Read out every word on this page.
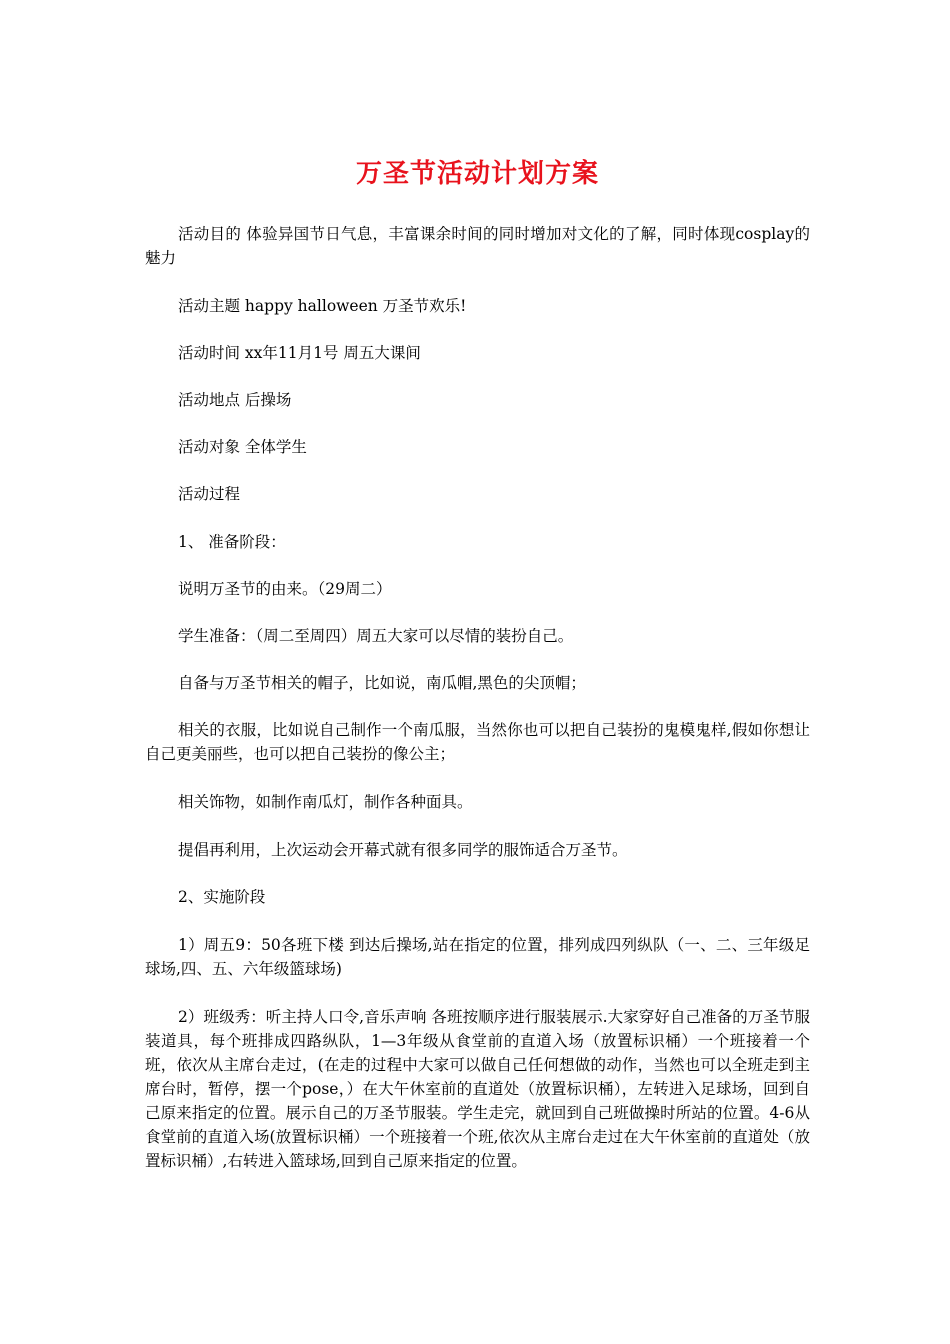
万圣节活动计划方案
活动目的 体验异国节日气息，丰富课余时间的同时增加对文化的了解，同时体现cosplay的魅力
活动主题 happy halloween 万圣节欢乐!
活动时间 xx年11月1号 周五大课间
活动地点 后操场
活动对象 全体学生
活动过程
1、 准备阶段：
说明万圣节的由来。（29周二）
学生准备：（周二至周四）周五大家可以尽情的装扮自己。
自备与万圣节相关的帽子，比如说，南瓜帽,黑色的尖顶帽；
相关的衣服，比如说自己制作一个南瓜服，当然你也可以把自己装扮的鬼模鬼样,假如你想让自己更美丽些，也可以把自己装扮的像公主；
相关饰物，如制作南瓜灯，制作各种面具。
提倡再利用，上次运动会开幕式就有很多同学的服饰适合万圣节。
2、实施阶段
1）周五9：50各班下楼 到达后操场,站在指定的位置，排列成四列纵队（一、二、三年级足球场,四、五、六年级篮球场)
2）班级秀：听主持人口令,音乐声响 各班按顺序进行服装展示.大家穿好自己准备的万圣节服装道具，每个班排成四路纵队，1—3年级从食堂前的直道入场（放置标识桶）一个班接着一个班，依次从主席台走过，(在走的过程中大家可以做自己任何想做的动作，当然也可以全班走到主席台时，暂停，摆一个pose，）在大午休室前的直道处（放置标识桶），左转进入足球场，回到自己原来指定的位置。展示自己的万圣节服装。学生走完，就回到自己班做操时所站的位置。4-6从食堂前的直道入场(放置标识桶）一个班接着一个班,依次从主席台走过在大午休室前的直道处（放置标识桶）,右转进入篮球场,回到自己原来指定的位置。
